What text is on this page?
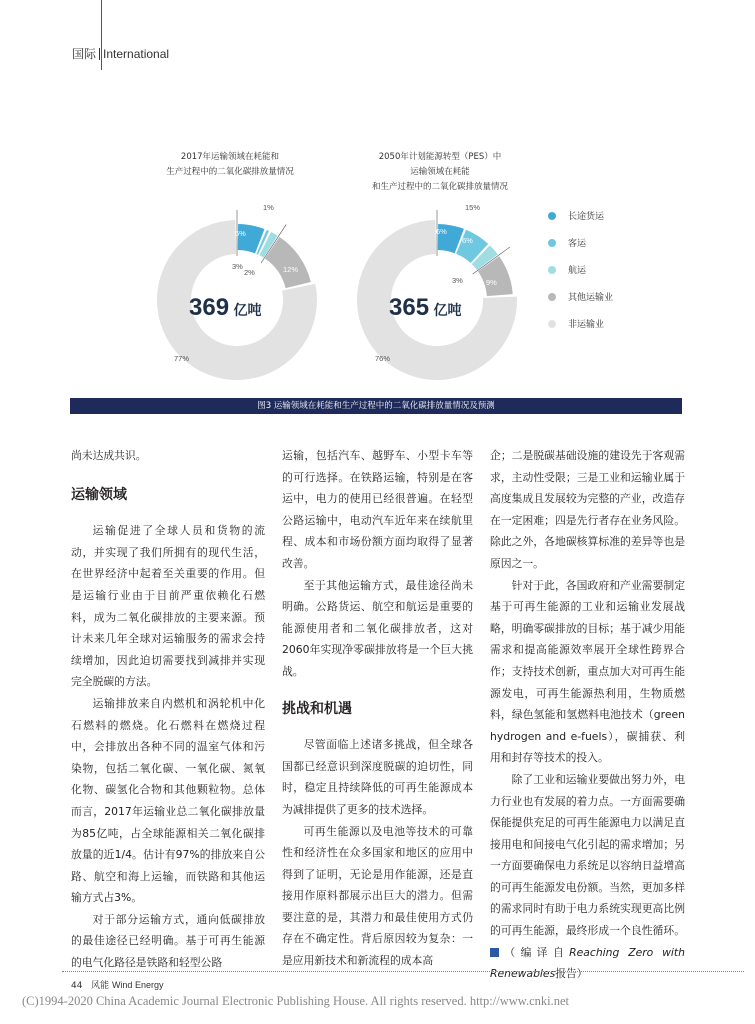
国际 International
2017年运输领域在耗能和
生产过程中的二氧化碳排放量情况
2050年计划能源转型（PES）中
运输领域在耗能
和生产过程中的二氧化碳排放量情况
369 亿吨	365 亿吨
6%
1%
3%
2%	12%
77%
6%
6%
15%
3%	9%
76%
长途货运
客运
航运
其他运输业
非运输业
图3 运输领域在耗能和生产过程中的二氧化碳排放量情况及预测

尚未达成共识。

运输领域

运输促进了全球人员和货物的流动，并实现了我们所拥有的现代生活，在世界经济中起着至关重要的作用。但是运输行业由于目前严重依赖化石燃料，成为二氧化碳排放的主要来源。预计未来几年全球对运输服务的需求会持续增加，因此迫切需要找到减排并实现完全脱碳的方法。

运输排放来自内燃机和涡轮机中化石燃料的燃烧。化石燃料在燃烧过程中，会排放出各种不同的温室气体和污染物，包括二氧化碳、一氧化碳、氮氧化物、碳氢化合物和其他颗粒物。总体而言，2017年运输业总二氧化碳排放量为85亿吨，占全球能源相关二氧化碳排放量的近1/4。估计有97%的排放来自公路、航空和海上运输，而铁路和其他运输方式占3%。

对于部分运输方式，通向低碳排放的最佳途径已经明确。基于可再生能源的电气化路径是铁路和轻型公路

运输，包括汽车、越野车、小型卡车等的可行选择。在铁路运输，特别是在客运中，电力的使用已经很普遍。在轻型公路运输中，电动汽车近年来在续航里程、成本和市场份额方面均取得了显著改善。

至于其他运输方式，最佳途径尚未明确。公路货运、航空和航运是重要的能源使用者和二氧化碳排放者，这对2060年实现净零碳排放将是一个巨大挑战。

挑战和机遇

尽管面临上述诸多挑战，但全球各国都已经意识到深度脱碳的迫切性，同时，稳定且持续降低的可再生能源成本为减排提供了更多的技术选择。

可再生能源以及电池等技术的可靠性和经济性在众多国家和地区的应用中得到了证明，无论是用作能源，还是直接用作原料都展示出巨大的潜力。但需要注意的是，其潜力和最佳使用方式仍存在不确定性。背后原因较为复杂：一是应用新技术和新流程的成本高

企；二是脱碳基础设施的建设先于客观需求，主动性受限；三是工业和运输业属于高度集成且发展较为完整的产业，改造存在一定困难；四是先行者存在业务风险。除此之外，各地碳核算标准的差异等也是原因之一。

针对于此，各国政府和产业需要制定基于可再生能源的工业和运输业发展战略，明确零碳排放的目标；基于减少用能需求和提高能源效率展开全球性跨界合作；支持技术创新，重点加大对可再生能源发电，可再生能源热利用，生物质燃料，绿色氢能和氢燃料电池技术（green hydrogen and e-fuels），碳捕获、利用和封存等技术的投入。

除了工业和运输业要做出努力外，电力行业也有发展的着力点。一方面需要确保能提供充足的可再生能源电力以满足直接用电和间接电气化引起的需求增加；另一方面要确保电力系统足以容纳日益增高的可再生能源发电份额。当然，更加多样的需求同时有助于电力系统实现更高比例的可再生能源，最终形成一个良性循环。（编译自Reaching Zero with Renewables报告）

44 风能 Wind Energy
(C)1994-2020 China Academic Journal Electronic Publishing House. All rights reserved. http://www.cnki.net
